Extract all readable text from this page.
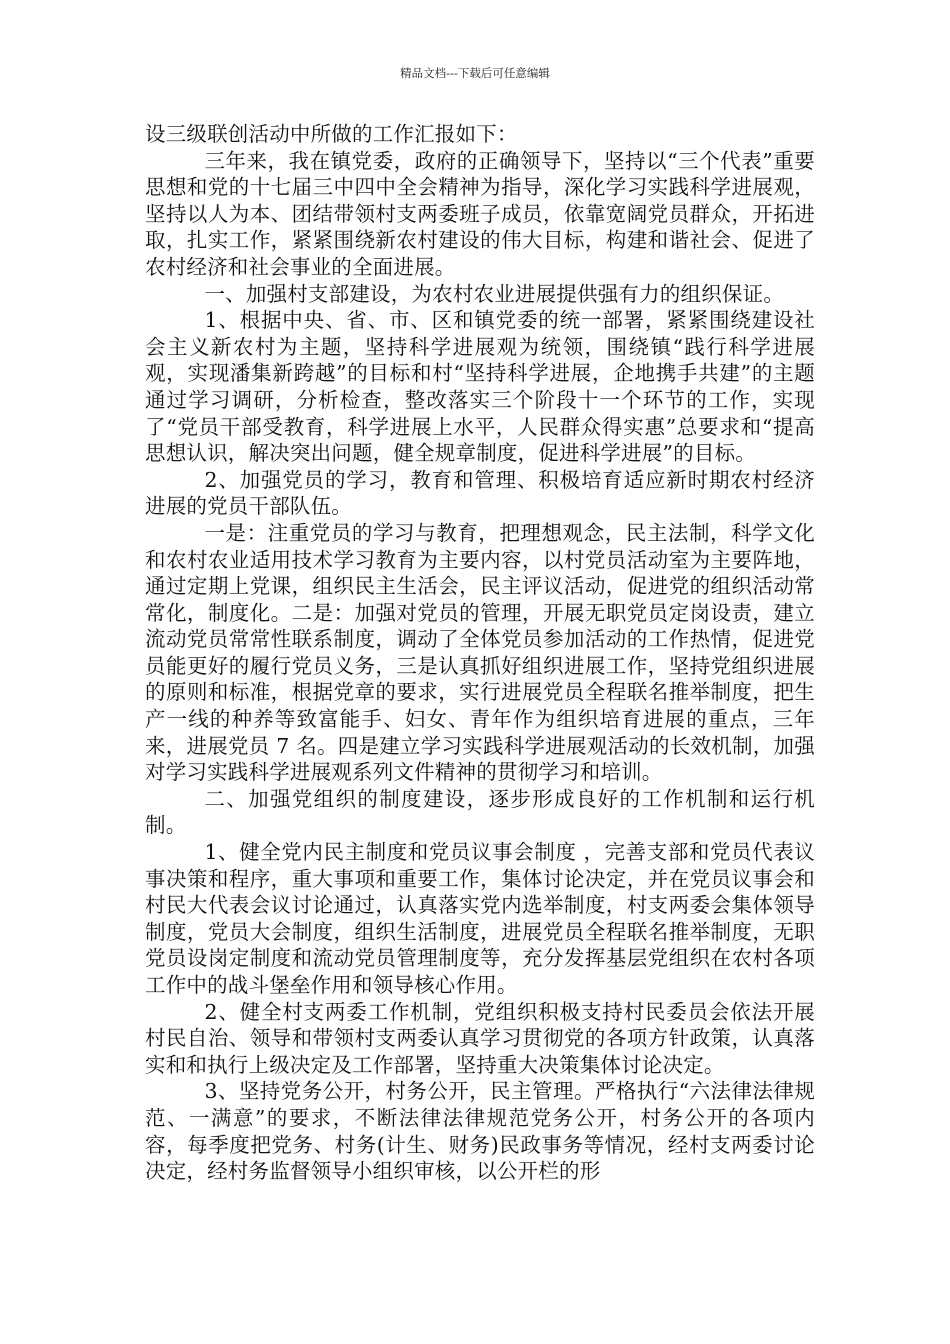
精品文档---下载后可任意编辑

设三级联创活动中所做的工作汇报如下：

三年来，我在镇党委，政府的正确领导下，坚持以“三个代表”重要思想和党的十七届三中四中全会精神为指导，深化学习实践科学进展观，坚持以人为本、团结带领村支两委班子成员，依靠宽阔党员群众，开拓进取，扎实工作，紧紧围绕新农村建设的伟大目标，构建和谐社会、促进了农村经济和社会事业的全面进展。

一、加强村支部建设，为农村农业进展提供强有力的组织保证。

1、根据中央、省、市、区和镇党委的统一部署，紧紧围绕建设社会主义新农村为主题，坚持科学进展观为统领，围绕镇“践行科学进展观，实现潘集新跨越”的目标和村“坚持科学进展，企地携手共建”的主题通过学习调研，分析检查，整改落实三个阶段十一个环节的工作，实现了“党员干部受教育，科学进展上水平，人民群众得实惠”总要求和“提高思想认识，解决突出问题，健全规章制度，促进科学进展”的目标。

2、加强党员的学习，教育和管理、积极培育适应新时期农村经济进展的党员干部队伍。

一是：注重党员的学习与教育，把理想观念，民主法制，科学文化和农村农业适用技术学习教育为主要内容，以村党员活动室为主要阵地，通过定期上党课，组织民主生活会，民主评议活动，促进党的组织活动常常化，制度化。二是：加强对党员的管理，开展无职党员定岗设责，建立流动党员常常性联系制度，调动了全体党员参加活动的工作热情，促进党员能更好的履行党员义务，三是认真抓好组织进展工作，坚持党组织进展的原则和标准，根据党章的要求，实行进展党员全程联名推举制度，把生产一线的种养等致富能手、妇女、青年作为组织培育进展的重点，三年来，进展党员 7 名。四是建立学习实践科学进展观活动的长效机制，加强对学习实践科学进展观系列文件精神的贯彻学习和培训。

二、加强党组织的制度建设，逐步形成良好的工作机制和运行机制。

1、健全党内民主制度和党员议事会制度 ，完善支部和党员代表议事决策和程序，重大事项和重要工作，集体讨论决定，并在党员议事会和村民大代表会议讨论通过，认真落实党内选举制度，村支两委会集体领导制度，党员大会制度，组织生活制度，进展党员全程联名推举制度，无职党员设岗定制度和流动党员管理制度等，充分发挥基层党组织在农村各项工作中的战斗堡垒作用和领导核心作用。

2、健全村支两委工作机制，党组织积极支持村民委员会依法开展村民自治、领导和带领村支两委认真学习贯彻党的各项方针政策，认真落实和和执行上级决定及工作部署，坚持重大决策集体讨论决定。

3、坚持党务公开，村务公开，民主管理。严格执行“六法律法律规范、一满意”的要求，不断法律法律规范党务公开，村务公开的各项内容，每季度把党务、村务(计生、财务)民政事务等情况，经村支两委讨论决定，经村务监督领导小组织审核，以公开栏的形
